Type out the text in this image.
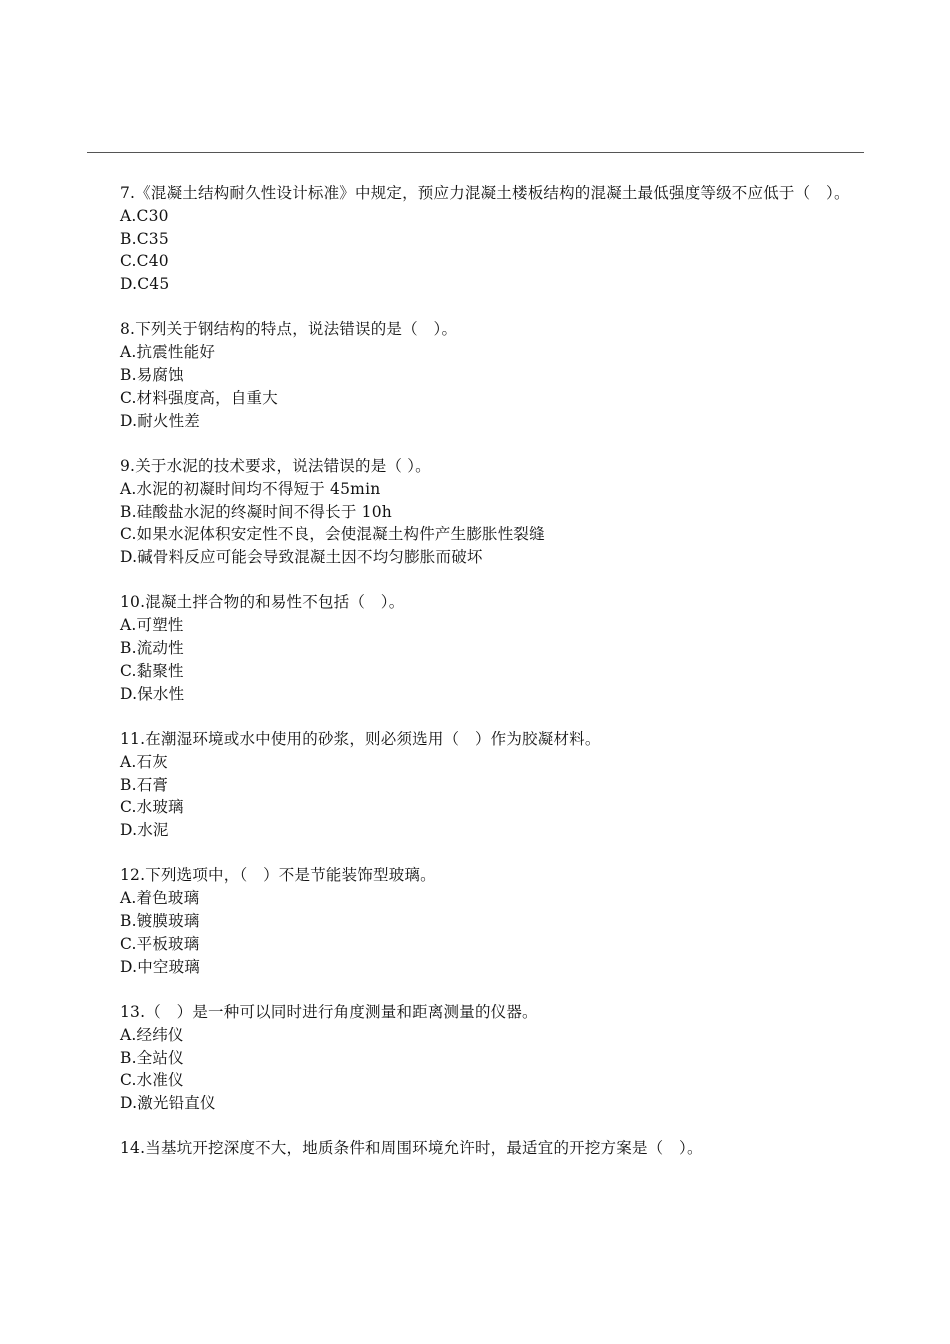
7.《混凝土结构耐久性设计标准》中规定，预应力混凝土楼板结构的混凝土最低强度等级不应低于（　）。

A.C30
B.C35
C.C40
D.C45

8.下列关于钢结构的特点，说法错误的是（　）。

A.抗震性能好
B.易腐蚀
C.材料强度高，自重大
D.耐火性差

9.关于水泥的技术要求，说法错误的是（ ）。

A.水泥的初凝时间均不得短于 45min
B.硅酸盐水泥的终凝时间不得长于 10h
C.如果水泥体积安定性不良，会使混凝土构件产生膨胀性裂缝
D.碱骨料反应可能会导致混凝土因不均匀膨胀而破坏

10.混凝土拌合物的和易性不包括（　）。

A.可塑性
B.流动性
C.黏聚性
D.保水性

11.在潮湿环境或水中使用的砂浆，则必须选用（　）作为胶凝材料。

A.石灰
B.石膏
C.水玻璃
D.水泥

12.下列选项中，（　）不是节能装饰型玻璃。

A.着色玻璃
B.镀膜玻璃
C.平板玻璃
D.中空玻璃

13.（　）是一种可以同时进行角度测量和距离测量的仪器。

A.经纬仪
B.全站仪
C.水准仪
D.激光铅直仪

14.当基坑开挖深度不大，地质条件和周围环境允许时，最适宜的开挖方案是（　）。
